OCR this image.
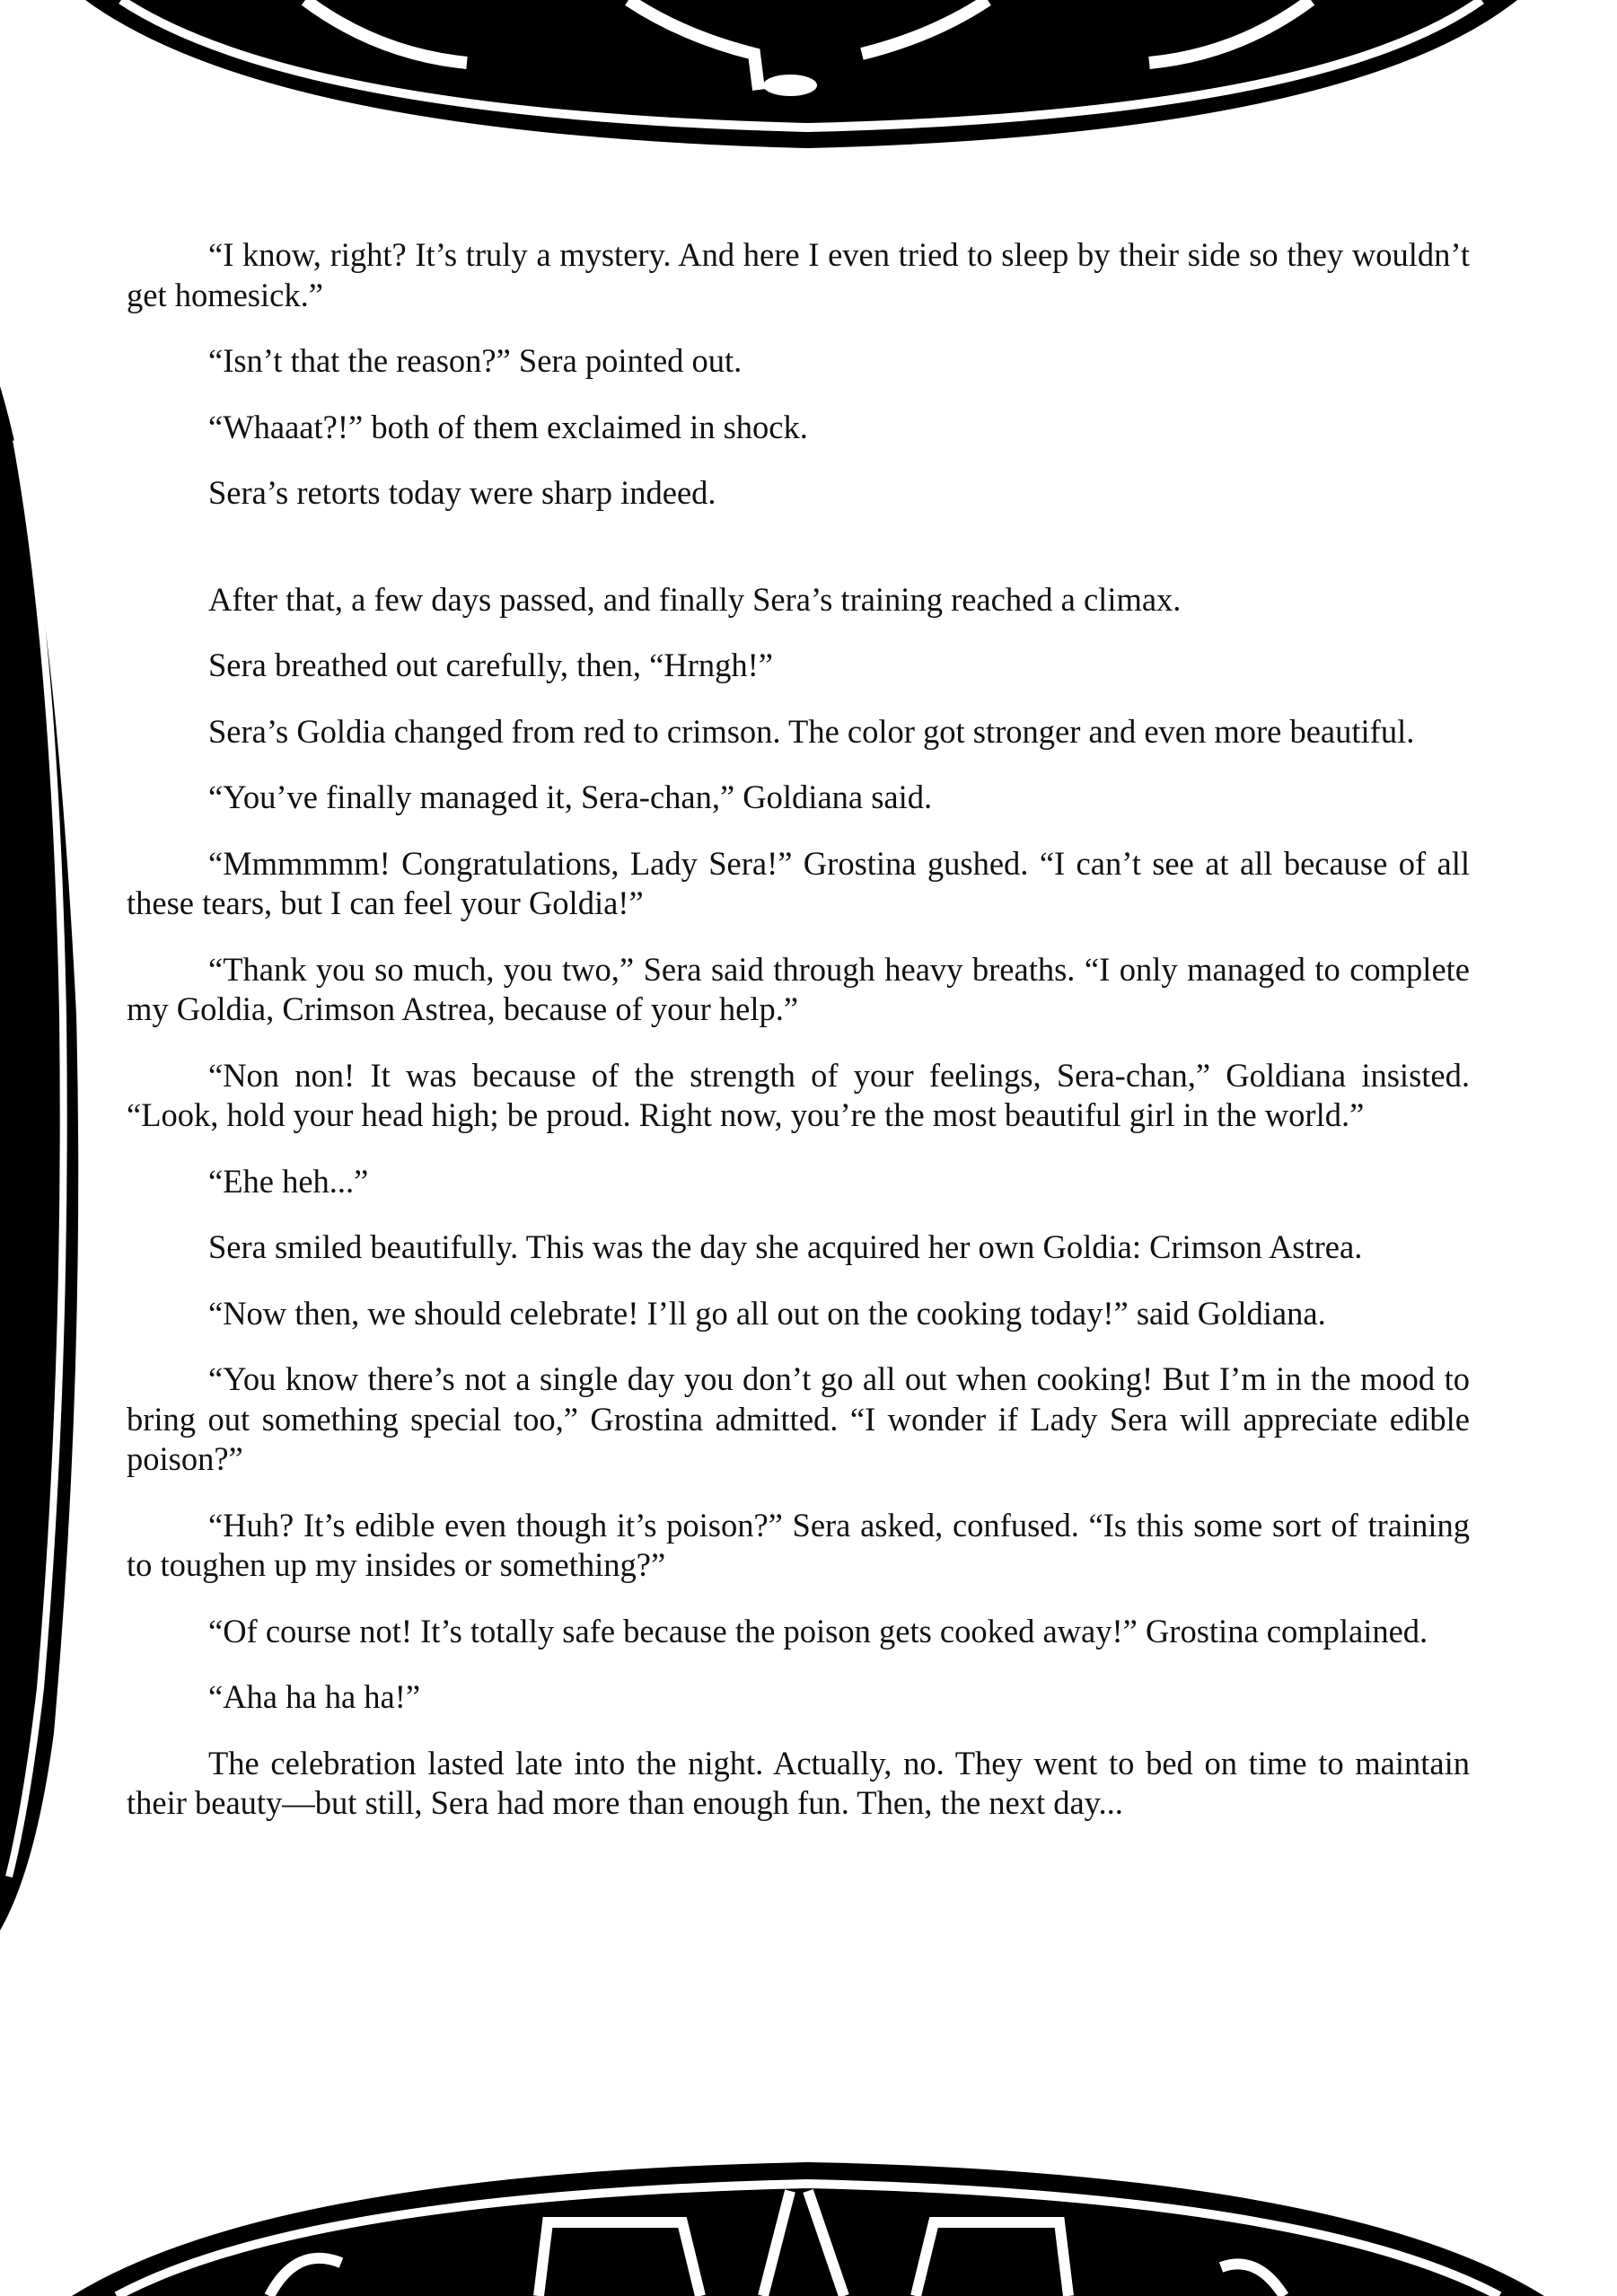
“I know, right? It’s truly a mystery. And here I even tried to sleep by their side so they wouldn’t get homesick.”

“Isn’t that the reason?” Sera pointed out.

“Whaaat?!” both of them exclaimed in shock.

Sera’s retorts today were sharp indeed.

After that, a few days passed, and finally Sera’s training reached a climax.

Sera breathed out carefully, then, “Hrngh!”

Sera’s Goldia changed from red to crimson. The color got stronger and even more beautiful.

“You’ve finally managed it, Sera-chan,” Goldiana said.

“Mmmmmm! Congratulations, Lady Sera!” Grostina gushed. “I can’t see at all because of all these tears, but I can feel your Goldia!”

“Thank you so much, you two,” Sera said through heavy breaths. “I only managed to complete my Goldia, Crimson Astrea, because of your help.”

“Non non! It was because of the strength of your feelings, Sera-chan,” Goldiana insisted. “Look, hold your head high; be proud. Right now, you’re the most beautiful girl in the world.”

“Ehe heh...”

Sera smiled beautifully. This was the day she acquired her own Goldia: Crimson Astrea.

“Now then, we should celebrate! I’ll go all out on the cooking today!” said Goldiana.

“You know there’s not a single day you don’t go all out when cooking! But I’m in the mood to bring out something special too,” Grostina admitted. “I wonder if Lady Sera will appreciate edible poison?”

“Huh? It’s edible even though it’s poison?” Sera asked, confused. “Is this some sort of training to toughen up my insides or something?”

“Of course not! It’s totally safe because the poison gets cooked away!” Grostina complained.

“Aha ha ha ha!”

The celebration lasted late into the night. Actually, no. They went to bed on time to maintain their beauty—but still, Sera had more than enough fun. Then, the next day...
